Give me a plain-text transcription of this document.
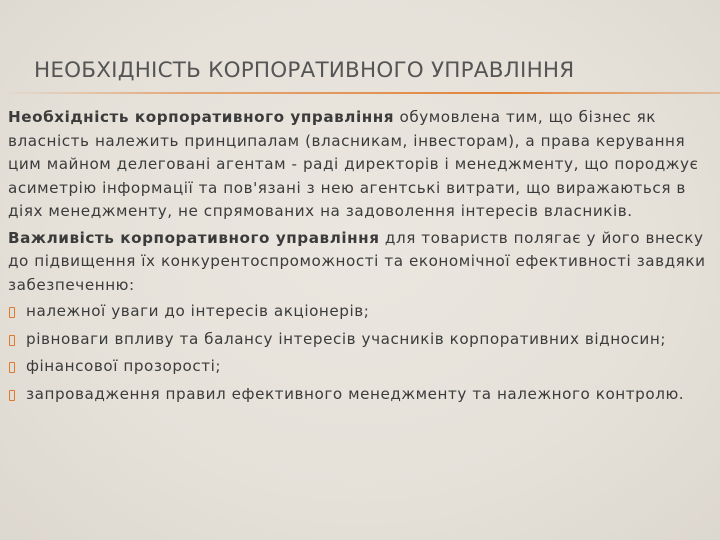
НЕОБХІДНІСТЬ КОРПОРАТИВНОГО УПРАВЛІННЯ

Необхідність корпоративного управління обумовлена тим, що бізнес як власність належить принципалам (власникам, інвесторам), а права керування цим майном делеговані агентам - раді директорів і менеджменту, що породжує асиметрію інформації та пов'язані з нею агентські витрати, що виражаються в діях менеджменту, не спрямованих на задоволення інтересів власників.

Важливість корпоративного управління для товариств полягає у його внеску до підвищення їх конкурентоспроможності та економічної ефективності завдяки забезпеченню:

належної уваги до інтересів акціонерів;
рівноваги впливу та балансу інтересів учасників корпоративних відносин;
фінансової прозорості;
запровадження правил ефективного менеджменту та належного контролю.
